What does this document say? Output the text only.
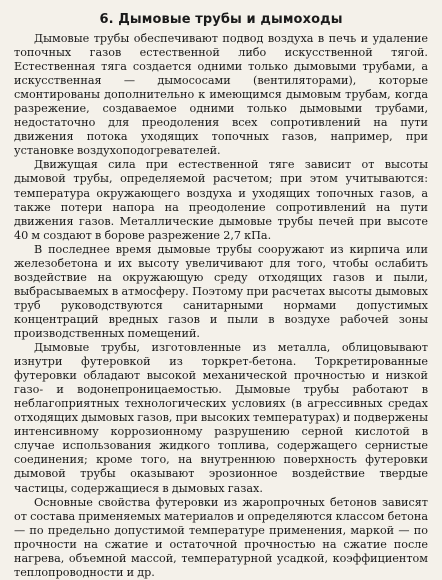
6. Дымовые трубы и дымоходы

Дымовые трубы обеспечивают подвод воздуха в печь и удаление топочных газов естественной либо искусственной тягой. Естественная тяга создается одними только дымовыми трубами, а искусственная — дымососами (вентиляторами), которые смонтированы дополнительно к имеющимся дымовым трубам, когда разрежение, создаваемое одними только дымовыми трубами, недостаточно для преодоления всех сопротивлений на пути движения потока уходящих топочных газов, например, при установке воздухоподогревателей.

Движущая сила при естественной тяге зависит от высоты дымовой трубы, определяемой расчетом; при этом учитываются: температура окружающего воздуха и уходящих топочных газов, а также потери напора на преодоление сопротивлений на пути движения газов. Металлические дымовые трубы печей при высоте 40 м создают в борове разрежение 2,7 кПа.

В последнее время дымовые трубы сооружают из кирпича или железобетона и их высоту увеличивают для того, чтобы ослабить воздействие на окружающую среду отходящих газов и пыли, выбрасываемых в атмосферу. Поэтому при расчетах высоты дымовых труб руководствуются санитарными нормами допустимых концентраций вредных газов и пыли в воздухе рабочей зоны производственных помещений.

Дымовые трубы, изготовленные из металла, облицовывают изнутри футеровкой из торкрет-бетона. Торкретированные футеровки обладают высокой механической прочностью и низкой газо- и водонепроницаемостью. Дымовые трубы работают в неблагоприятных технологических условиях (в агрессивных средах отходящих дымовых газов, при высоких температурах) и подвержены интенсивному коррозионному разрушению серной кислотой в случае использования жидкого топлива, содержащего сернистые соединения; кроме того, на внутреннюю поверхность футеровки дымовой трубы оказывают эрозионное воздействие твердые частицы, содержащиеся в дымовых газах.

Основные свойства футеровки из жаропрочных бетонов зависят от состава применяемых материалов и определяются классом бетона — по предельно допустимой температуре применения, маркой — по прочности на сжатие и остаточной прочностью на сжатие после нагрева, объемной массой, температурной усадкой, коэффициентом теплопроводности и др.
